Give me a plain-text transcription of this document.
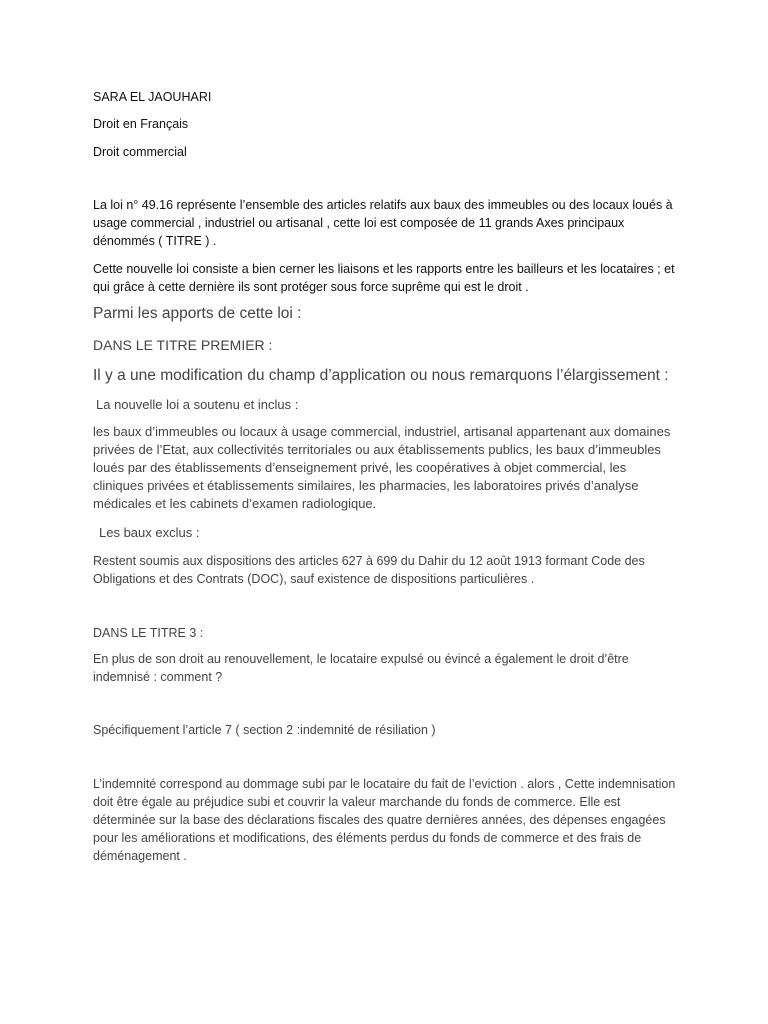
SARA EL JAOUHARI

Droit en Français

Droit commercial

La loi n° 49.16 représente l’ensemble des articles relatifs aux baux des immeubles ou des locaux loués à usage commercial , industriel ou artisanal , cette loi est composée de 11 grands Axes principaux dénommés ( TITRE ) .

Cette nouvelle loi consiste a bien cerner les liaisons et les rapports entre les bailleurs et les locataires ; et qui grâce à cette dernière ils sont protéger sous force suprême qui est le droit .

Parmi les apports de cette loi :

DANS LE TITRE PREMIER :

Il y a une modification du champ d’application ou nous remarquons l’élargissement :

La nouvelle loi a soutenu et inclus :

les baux d’immeubles ou locaux à usage commercial, industriel, artisanal appartenant aux domaines privées de l’Etat, aux collectivités territoriales ou aux établissements publics, les baux d’immeubles loués par des établissements d’enseignement privé, les coopératives à objet commercial, les cliniques privées et établissements similaires, les pharmacies, les laboratoires privés d’analyse médicales et les cabinets d’examen radiologique.

Les baux exclus :

Restent soumis aux dispositions des articles 627 à 699 du Dahir du 12 août 1913 formant Code des Obligations et des Contrats (DOC), sauf existence de dispositions particulières .

DANS LE TITRE 3 :

En plus de son droit au renouvellement, le locataire expulsé ou évincé a également le droit d’être indemnisé : comment ?

Spécifiquement l’article 7 ( section 2 :indemnité de résiliation )

L’indemnité correspond au dommage subi par le locataire du fait de l’eviction . alors , Cette indemnisation doit être égale au préjudice subi et couvrir la valeur marchande du fonds de commerce. Elle est déterminée sur la base des déclarations fiscales des quatre dernières années, des dépenses engagées pour les améliorations et modifications, des éléments perdus du fonds de commerce et des frais de déménagement .
